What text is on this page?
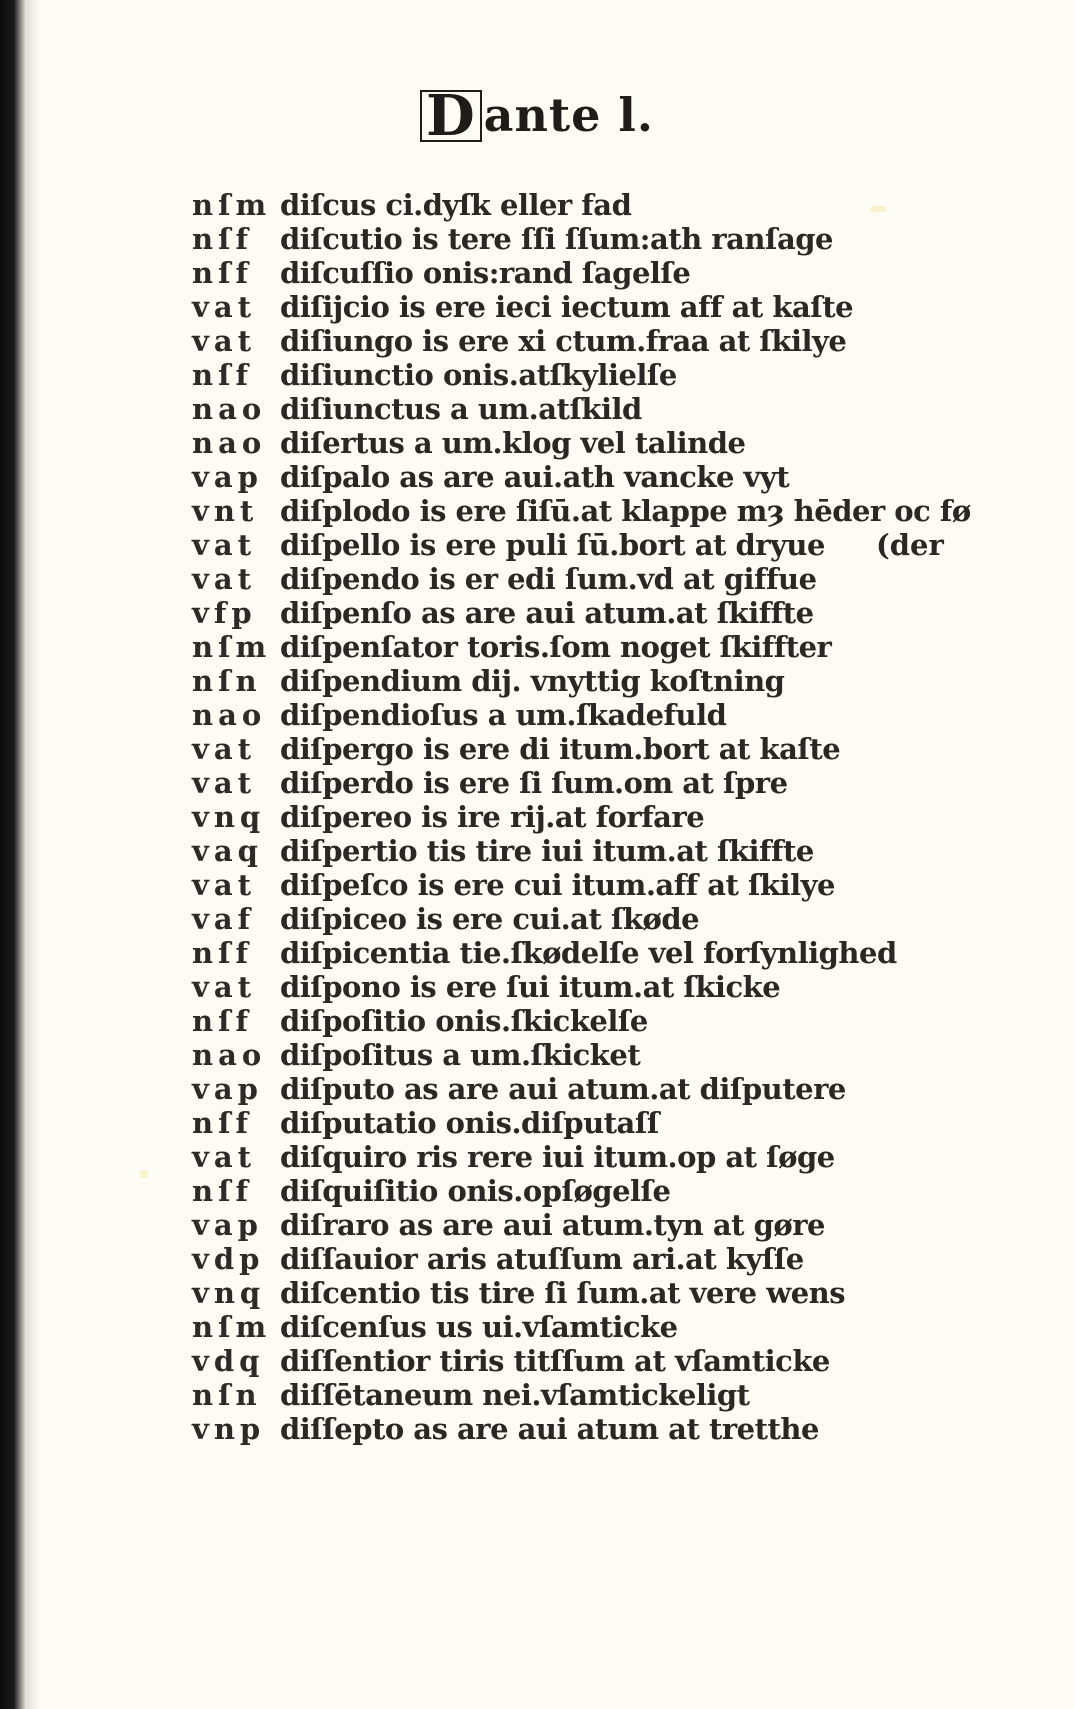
D ante l.
nſm diſcus ci.dyſk eller fad
nſf diſcutio is tere ſſi ſſum:ath ranſage
nſf diſcuſſio onis:rand ſagelſe
vat diſijcio is ere ieci iectum aff at kaſte
vat diſiungo is ere xi ctum.fraa at ſkilye
nſf diſiunctio onis.atſkylielſe
nao diſiunctus a um.atſkild
nao diſertus a um.klog vel talinde
vap diſpalo as are aui.ath vancke vyt
vnt diſplodo is ere ſiſū.at klappe mȝ hēder oc fø
vat diſpello is ere puli ſū.bort at dryue (der
vat diſpendo is er edi ſum.vd at giffue
vfp diſpenſo as are aui atum.at ſkiffte
nſm diſpenſator toris.ſom noget ſkiffter
nſn diſpendium dij. vnyttig koſtning
nao diſpendioſus a um.ſkadefuld
vat diſpergo is ere di itum.bort at kaſte
vat diſperdo is ere ſi ſum.om at ſpre
vnq diſpereo is ire rij.at forfare
vaq diſpertio tis tire iui itum.at ſkiffte
vat diſpeſco is ere cui itum.aff at ſkilye
vaf diſpiceo is ere cui.at ſkøde
nſf diſpicentia tie.ſkødelſe vel forſynlighed
vat diſpono is ere ſui itum.at ſkicke
nſf diſpoſitio onis.ſkickelſe
nao diſpoſitus a um.ſkicket
vap diſputo as are aui atum.at diſputere
nſf diſputatio onis.diſputaſſ
vat diſquiro ris rere iui itum.op at ſøge
nſf diſquiſitio onis.opſøgelſe
vap diſraro as are aui atum.tyn at gøre
vdp diſſauior aris atuſſum ari.at kyſſe
vnq diſcentio tis tire ſi ſum.at vere wens
nſm diſcenſus us ui.vſamticke
vdq diſſentior tiris titſſum at vſamticke
nſn diſſētaneum nei.vſamtickeligt
vnp diſſepto as are aui atum at tretthe
